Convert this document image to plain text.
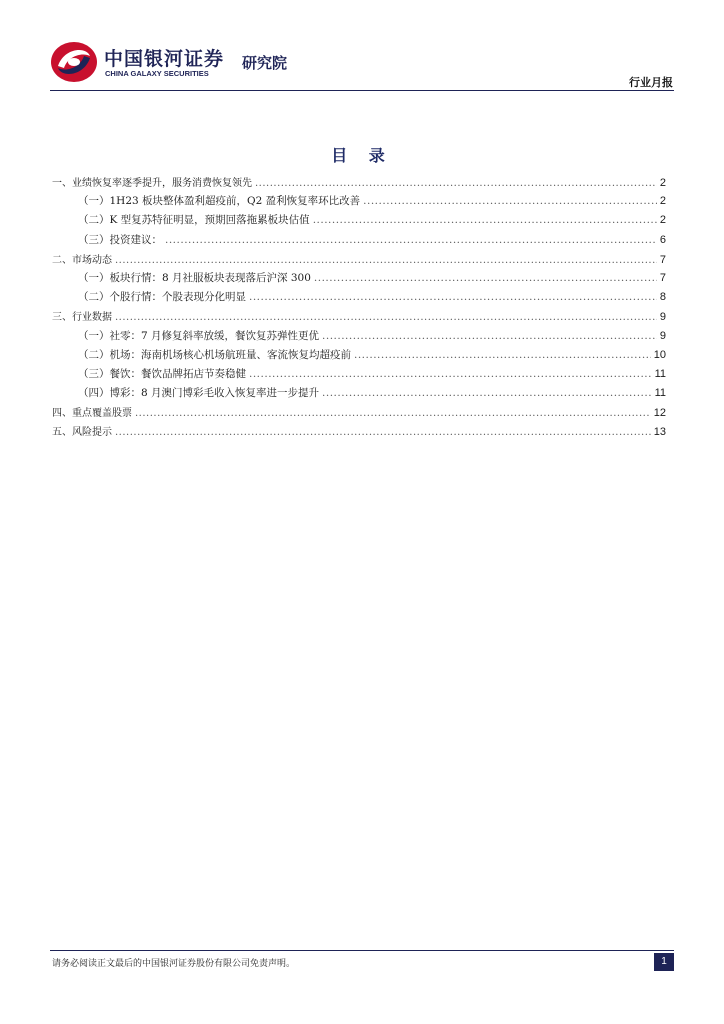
中国银河证券
CHINA GALAXY SECURITIES
研究院
行业月报
目 录
一、业绩恢复率逐季提升，服务消费恢复领先 .....	2
（一）1H23 板块整体盈利超疫前，Q2 盈利恢复率环比改善 .....	2
（二）K 型复苏特征明显，预期回落拖累板块估值 .....	2
（三）投资建议： .....	6
二、市场动态 .....	7
（一）板块行情：8 月社服板块表现落后沪深 300 .....	7
（二）个股行情：个股表现分化明显 .....	8
三、行业数据 .....	9
（一）社零：7 月修复斜率放缓，餐饮复苏弹性更优 .....	9
（二）机场：海南机场核心机场航班量、客流恢复均超疫前 .....	10
（三）餐饮：餐饮品牌拓店节奏稳健 .....	11
（四）博彩：8 月澳门博彩毛收入恢复率进一步提升 .....	11
四、重点覆盖股票 .....	12
五、风险提示 .....	13
请务必阅读正文最后的中国银河证券股份有限公司免责声明。	1
